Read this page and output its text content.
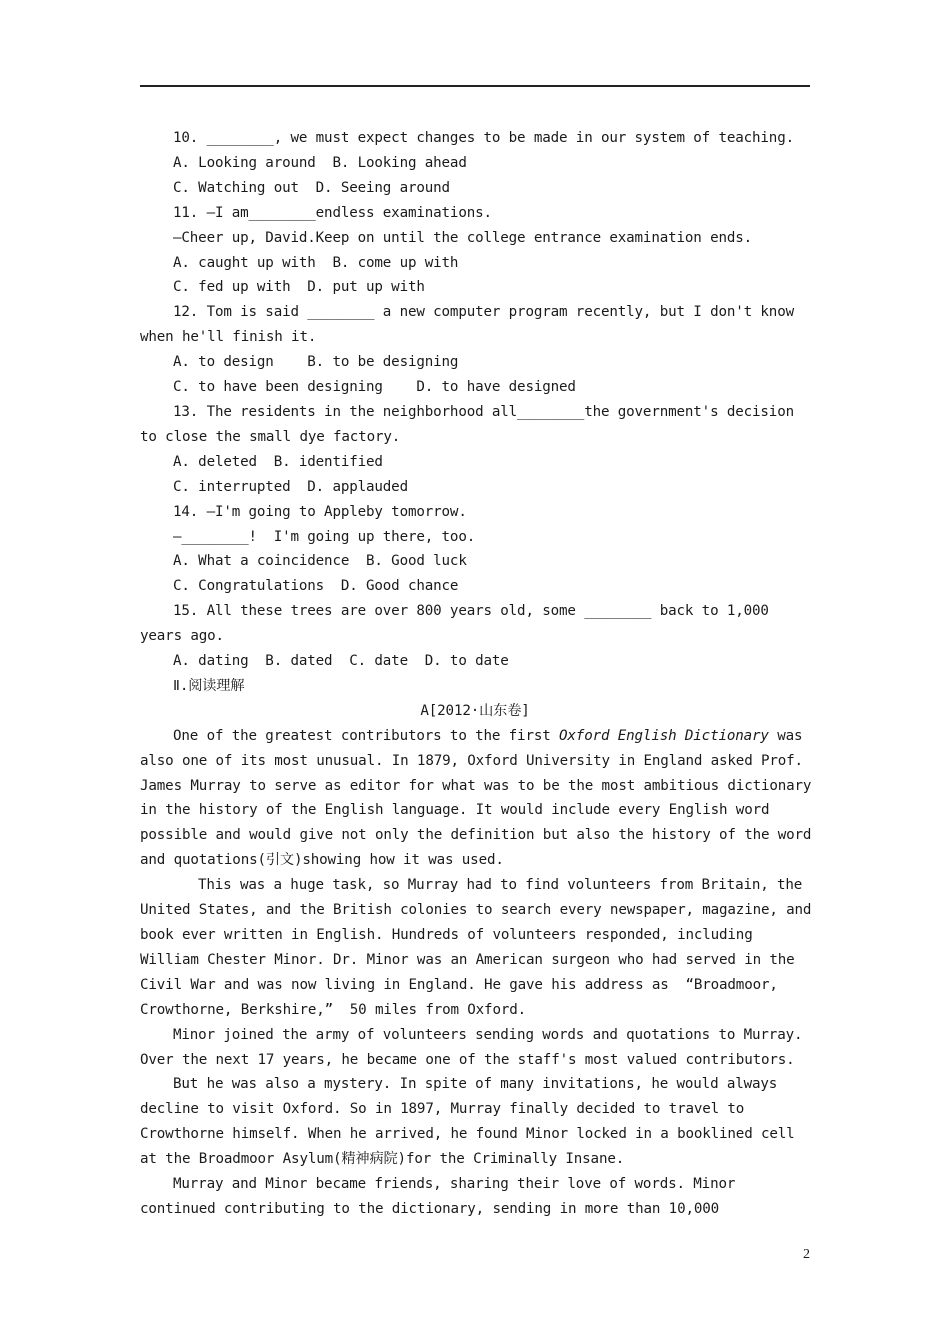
10. ________, we must expect changes to be made in our system of teaching.
A. Looking around  B. Looking ahead
C. Watching out  D. Seeing around
11. —I am________endless examinations.
—Cheer up, David.Keep on until the college entrance examination ends.
A. caught up with  B. come up with
C. fed up with  D. put up with
12. Tom is said ________ a new computer program recently, but I don't know
when he'll finish it.
A. to design    B. to be designing
C. to have been designing    D. to have designed
13. The residents in the neighborhood all________the government's decision
to close the small dye factory.
A. deleted  B. identified
C. interrupted  D. applauded
14. —I'm going to Appleby tomorrow.
—________!  I'm going up there, too.
A. What a coincidence  B. Good luck
C. Congratulations  D. Good chance
15. All these trees are over 800 years old, some ________ back to 1,000
years ago.
A. dating  B. dated  C. date  D. to date
Ⅱ.阅读理解
A[2012·山东卷]
One of the greatest contributors to the first Oxford English Dictionary was
also one of its most unusual. In 1879, Oxford University in England asked Prof.
James Murray to serve as editor for what was to be the most ambitious dictionary
in the history of the English language. It would include every English word
possible and would give not only the definition but also the history of the word
and quotations(引文)showing how it was used.
This was a huge task, so Murray had to find volunteers from Britain, the
United States, and the British colonies to search every newspaper, magazine, and
book ever written in English. Hundreds of volunteers responded, including
William Chester Minor. Dr. Minor was an American surgeon who had served in the
Civil War and was now living in England. He gave his address as  “Broadmoor,
Crowthorne, Berkshire,”  50 miles from Oxford.
Minor joined the army of volunteers sending words and quotations to Murray.
Over the next 17 years, he became one of the staff's most valued contributors.
But he was also a mystery. In spite of many invitations, he would always
decline to visit Oxford. So in 1897, Murray finally decided to travel to
Crowthorne himself. When he arrived, he found Minor locked in a booklined cell
at the Broadmoor Asylum(精神病院)for the Criminally Insane.
Murray and Minor became friends, sharing their love of words. Minor
continued contributing to the dictionary, sending in more than 10,000
2
